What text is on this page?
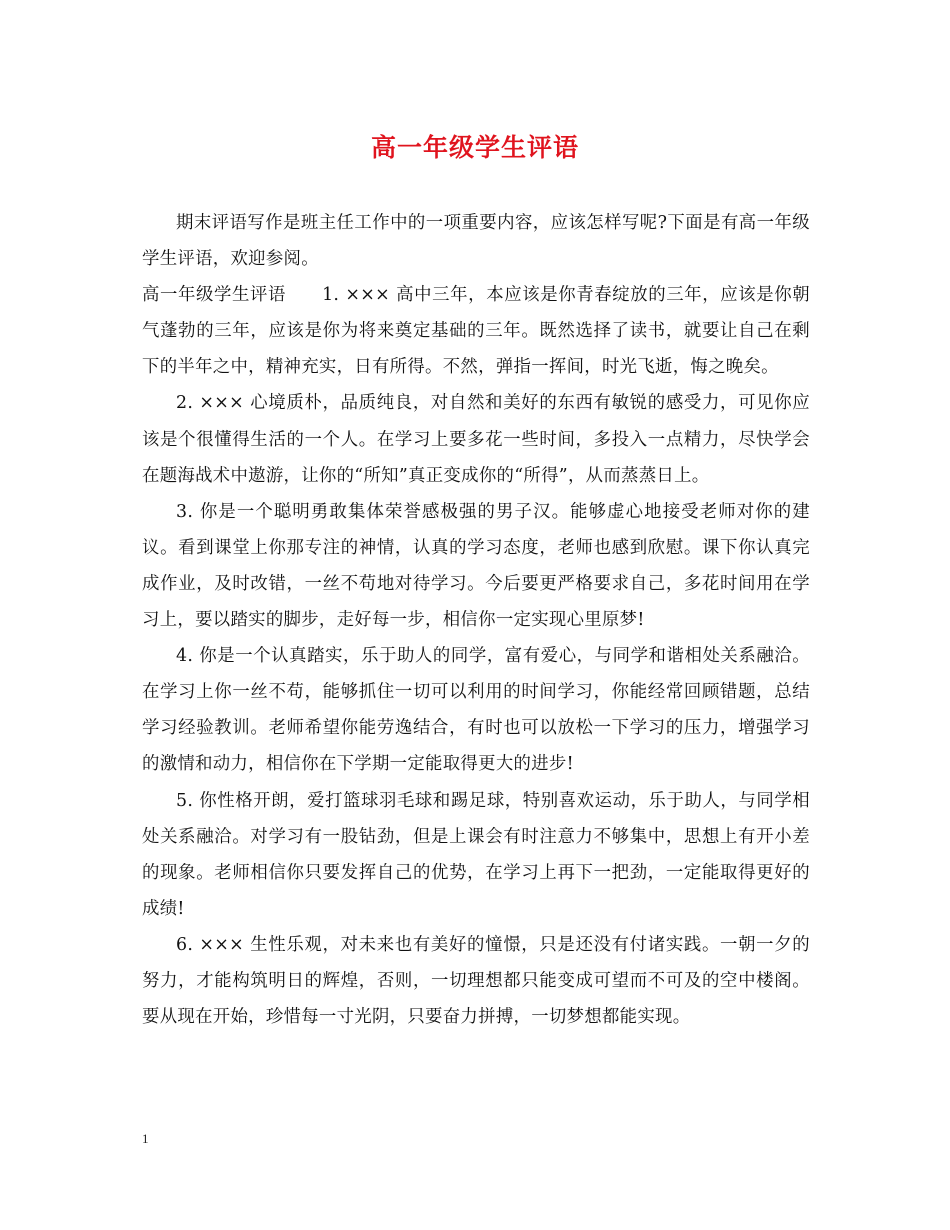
高一年级学生评语

期末评语写作是班主任工作中的一项重要内容，应该怎样写呢?下面是有高一年级学生评语，欢迎参阅。

高一年级学生评语　　1. ××× 高中三年，本应该是你青春绽放的三年，应该是你朝气蓬勃的三年，应该是你为将来奠定基础的三年。既然选择了读书，就要让自己在剩下的半年之中，精神充实，日有所得。不然，弹指一挥间，时光飞逝，悔之晚矣。

2. ××× 心境质朴，品质纯良，对自然和美好的东西有敏锐的感受力，可见你应该是个很懂得生活的一个人。在学习上要多花一些时间，多投入一点精力，尽快学会在题海战术中遨游，让你的“所知”真正变成你的“所得”，从而蒸蒸日上。

3. 你是一个聪明勇敢集体荣誉感极强的男子汉。能够虚心地接受老师对你的建议。看到课堂上你那专注的神情，认真的学习态度，老师也感到欣慰。课下你认真完成作业，及时改错，一丝不苟地对待学习。今后要更严格要求自己，多花时间用在学习上，要以踏实的脚步，走好每一步，相信你一定实现心里原梦!

4. 你是一个认真踏实，乐于助人的同学，富有爱心，与同学和谐相处关系融洽。在学习上你一丝不苟，能够抓住一切可以利用的时间学习，你能经常回顾错题，总结学习经验教训。老师希望你能劳逸结合，有时也可以放松一下学习的压力，增强学习的激情和动力，相信你在下学期一定能取得更大的进步!

5. 你性格开朗，爱打篮球羽毛球和踢足球，特别喜欢运动，乐于助人，与同学相处关系融洽。对学习有一股钻劲，但是上课会有时注意力不够集中，思想上有开小差的现象。老师相信你只要发挥自己的优势，在学习上再下一把劲，一定能取得更好的成绩!

6. ××× 生性乐观，对未来也有美好的憧憬，只是还没有付诸实践。一朝一夕的努力，才能构筑明日的辉煌，否则，一切理想都只能变成可望而不可及的空中楼阁。要从现在开始，珍惜每一寸光阴，只要奋力拼搏，一切梦想都能实现。

1
